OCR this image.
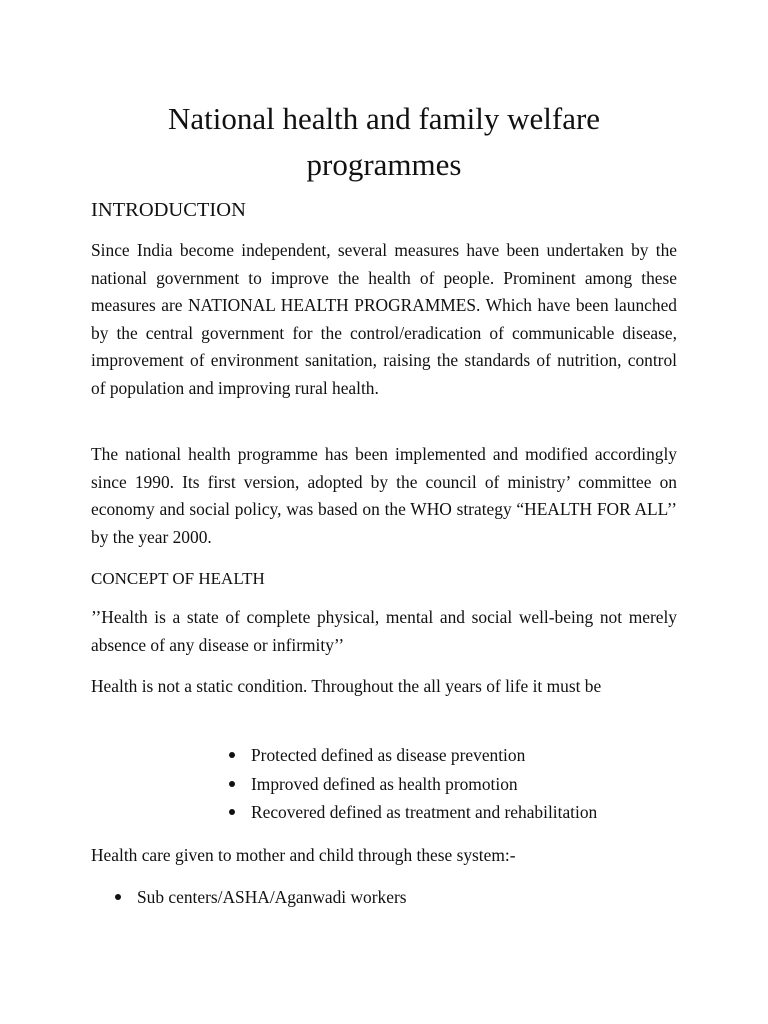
National health and family welfare programmes
INTRODUCTION

Since India become independent, several measures have been undertaken by the national government to improve the health of people. Prominent among these measures are NATIONAL HEALTH PROGRAMMES. Which have been launched by the central government for the control/eradication of communicable disease, improvement of environment sanitation, raising the standards of nutrition, control of population and improving rural health.

The national health programme has been implemented and modified accordingly since 1990. Its first version, adopted by the council of ministry’ committee on economy and social policy, was based on the WHO strategy “HEALTH FOR ALL’’ by the year 2000.

CONCEPT OF HEALTH

’’Health is a state of complete physical, mental and social well-being not merely absence of any disease or infirmity’’

Health is not a static condition. Throughout the all years of life it must be

Protected defined as disease prevention
Improved defined as health promotion
Recovered defined as treatment and rehabilitation

Health care given to mother and child through these system:-

Sub centers/ASHA/Aganwadi workers
